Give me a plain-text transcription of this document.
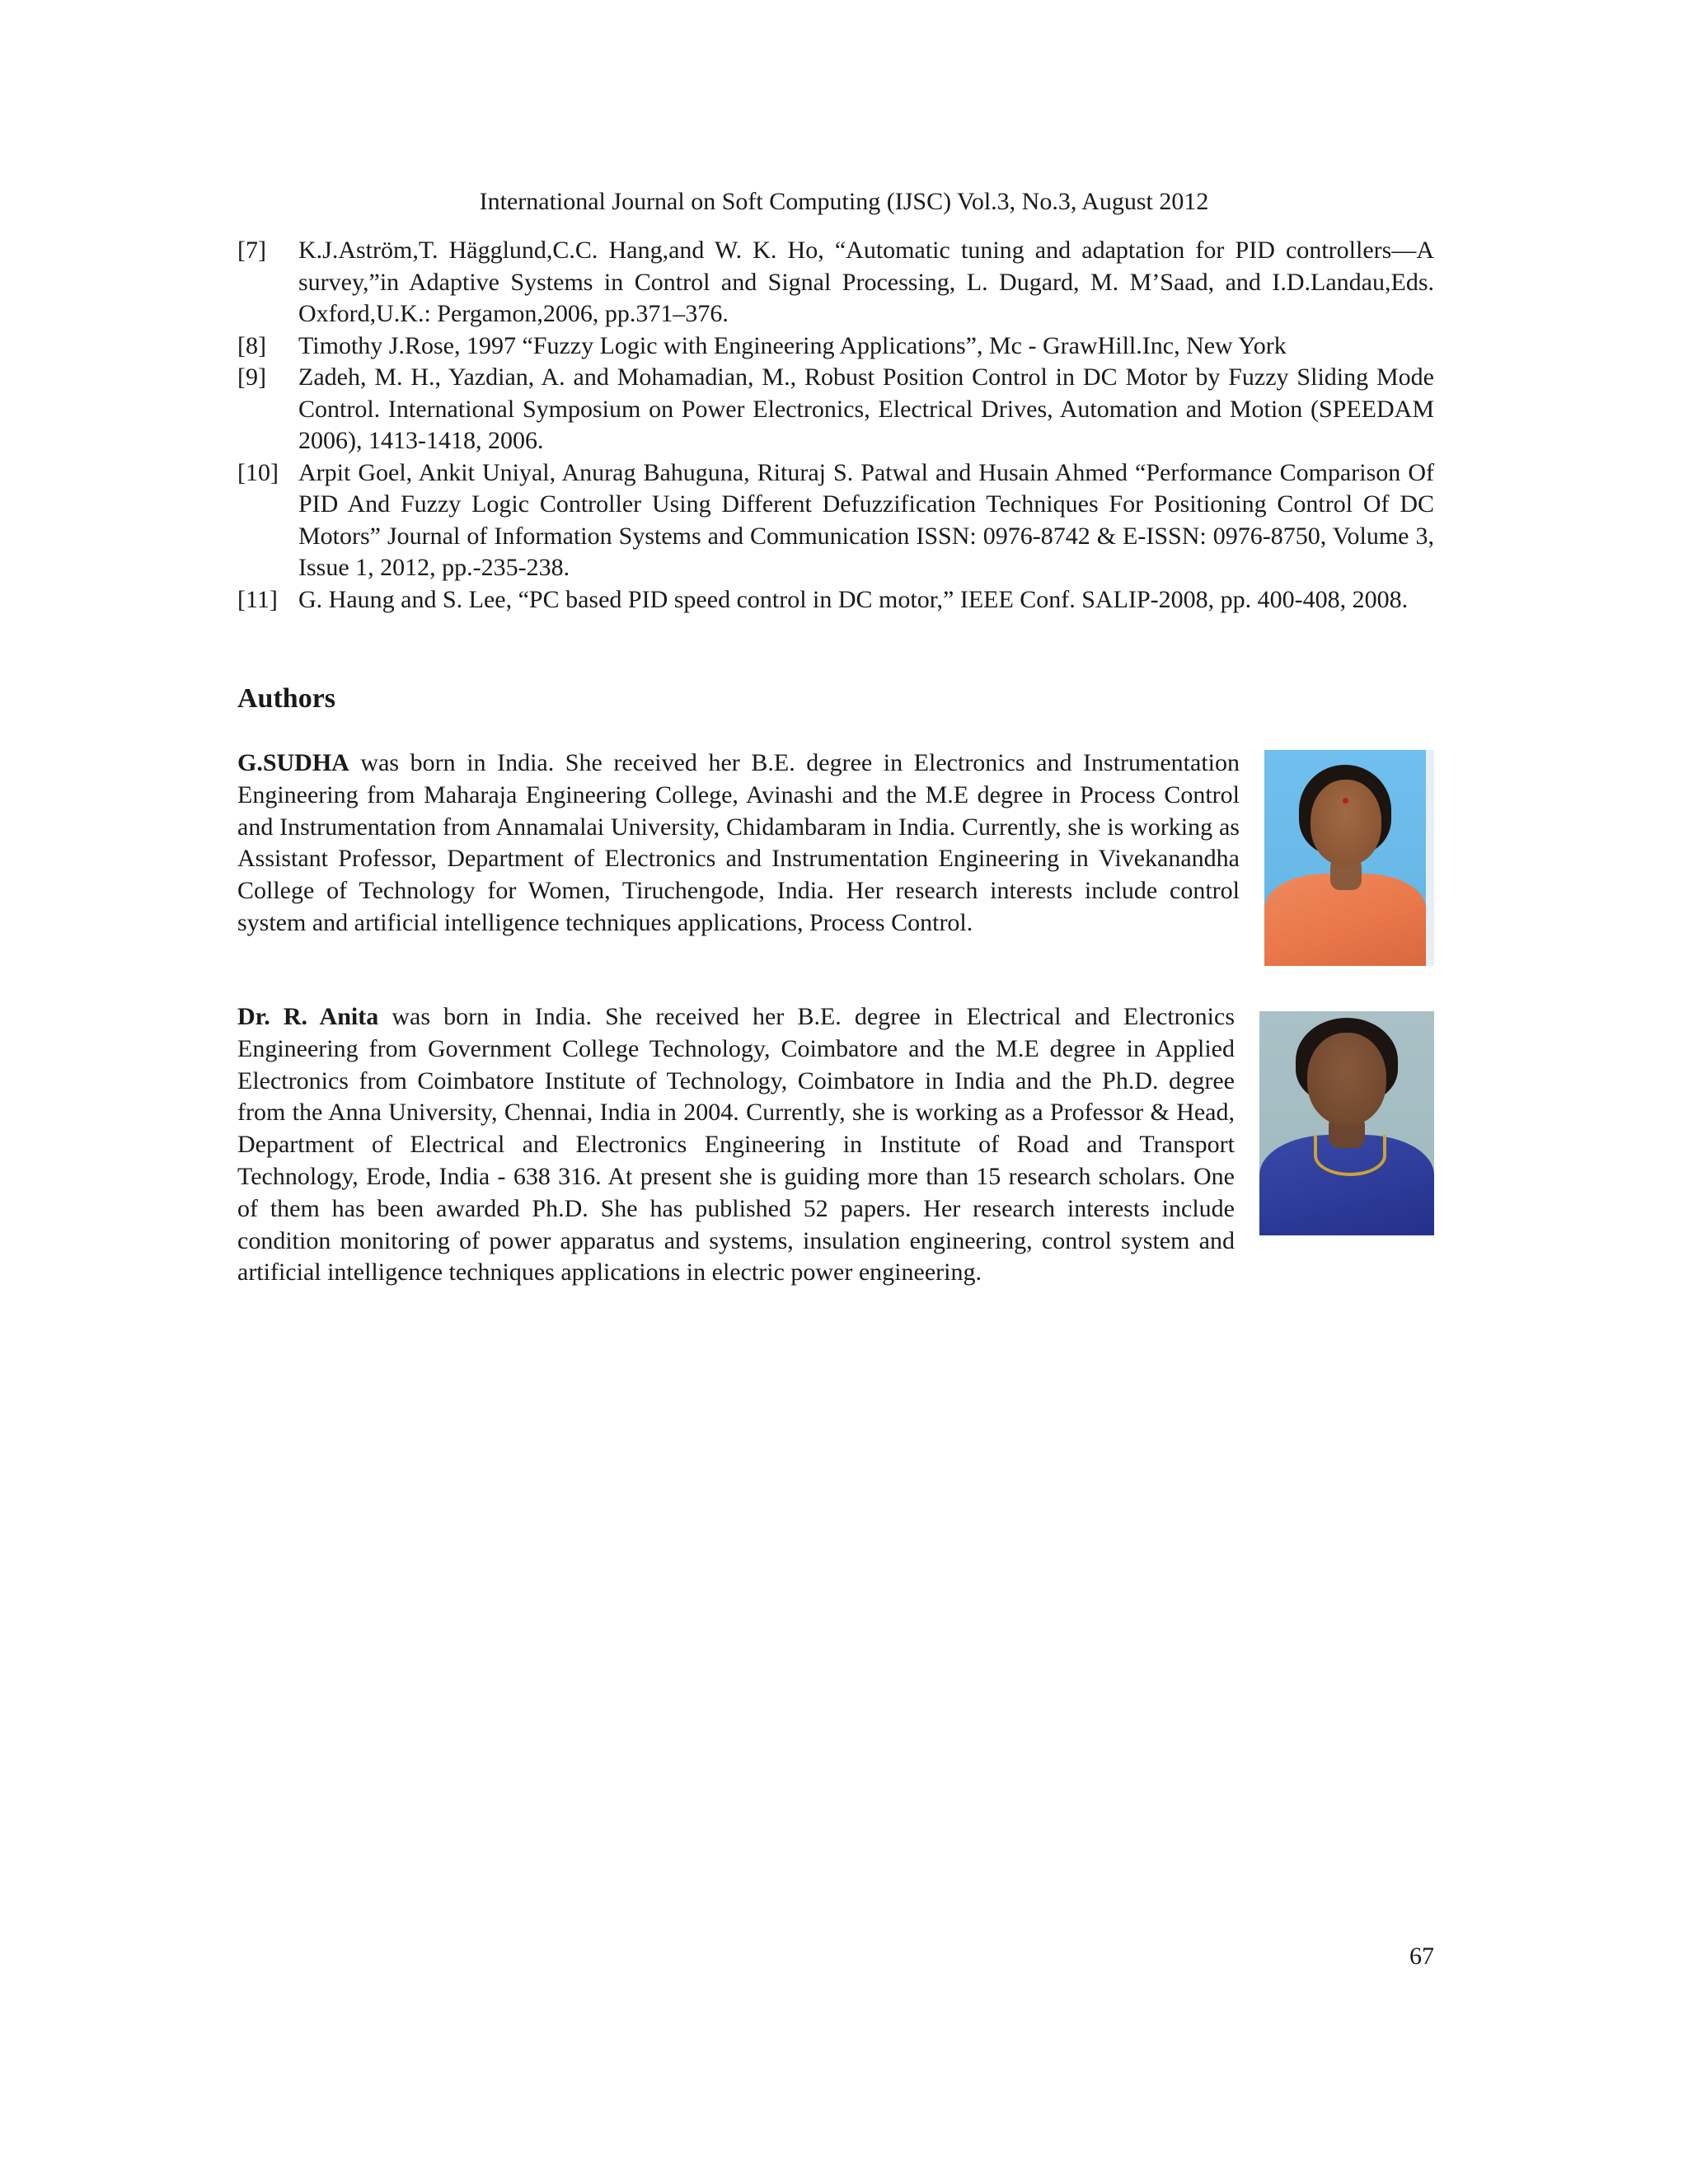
International Journal on Soft Computing (IJSC) Vol.3, No.3, August 2012
[7]	K.J.Aström,T. Hägglund,C.C. Hang,and W. K. Ho, “Automatic tuning and adaptation for PID controllers—A survey,”in Adaptive Systems in Control and Signal Processing, L. Dugard, M. M’Saad, and I.D.Landau,Eds. Oxford,U.K.: Pergamon,2006, pp.371–376.
[8]	Timothy J.Rose, 1997 “Fuzzy Logic with Engineering Applications”, Mc - GrawHill.Inc, New York
[9]	Zadeh, M. H., Yazdian, A. and Mohamadian, M., Robust Position Control in DC Motor by Fuzzy Sliding Mode Control. International Symposium on Power Electronics, Electrical Drives, Automation and Motion (SPEEDAM 2006), 1413-1418, 2006.
[10] Arpit Goel, Ankit Uniyal, Anurag Bahuguna, Rituraj S. Patwal and Husain Ahmed “Performance Comparison Of PID And Fuzzy Logic Controller Using Different Defuzzification Techniques For Positioning Control Of DC Motors” Journal of Information Systems and Communication ISSN: 0976-8742 & E-ISSN: 0976-8750, Volume 3, Issue 1, 2012, pp.-235-238.
[11] G. Haung and S. Lee, “PC based PID speed control in DC motor,” IEEE Conf. SALIP-2008, pp. 400-408, 2008.
Authors
G.SUDHA was born in India. She received her B.E. degree in Electronics and Instrumentation Engineering from Maharaja Engineering College, Avinashi and the M.E degree in Process Control and Instrumentation from Annamalai University, Chidambaram in India. Currently, she is working as Assistant Professor, Department of Electronics and Instrumentation Engineering in Vivekanandha College of Technology for Women, Tiruchengode, India. Her research interests include control system and artificial intelligence techniques applications, Process Control.
Dr. R. Anita was born in India. She received her B.E. degree in Electrical and Electronics Engineering from Government College Technology, Coimbatore and the M.E degree in Applied Electronics from Coimbatore Institute of Technology, Coimbatore in India and the Ph.D. degree from the Anna University, Chennai, India in 2004. Currently, she is working as a Professor & Head, Department of Electrical and Electronics Engineering in Institute of Road and Transport Technology, Erode, India - 638 316. At present she is guiding more than 15 research scholars. One of them has been awarded Ph.D. She has published 52 papers. Her research interests include condition monitoring of power apparatus and systems, insulation engineering, control system and artificial intelligence techniques applications in electric power engineering.
67
